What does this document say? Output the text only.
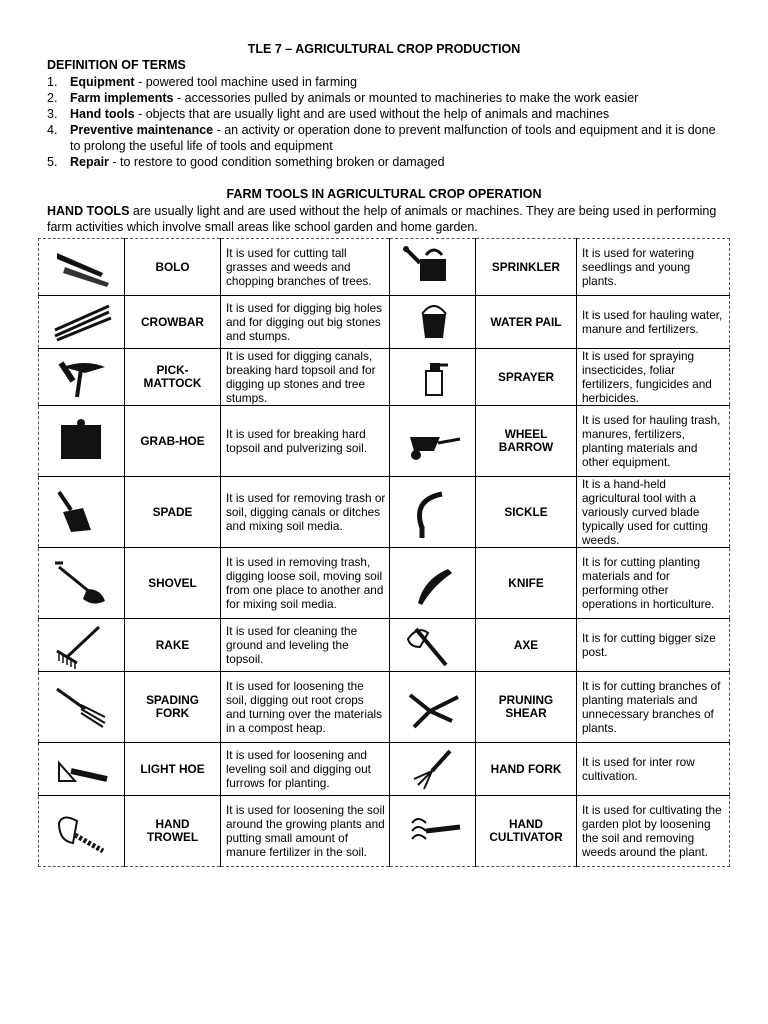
TLE 7 – AGRICULTURAL CROP PRODUCTION
DEFINITION OF TERMS
1. Equipment - powered tool machine used in farming
2. Farm implements - accessories pulled by animals or mounted to machineries to make the work easier
3. Hand tools - objects that are usually light and are used without the help of animals and machines
4. Preventive maintenance - an activity or operation done to prevent malfunction of tools and equipment and it is done to prolong the useful life of tools and equipment
5. Repair - to restore to good condition something broken or damaged
FARM TOOLS IN AGRICULTURAL CROP OPERATION
HAND TOOLS are usually light and are used without the help of animals or machines. They are being used in performing farm activities which involve small areas like school garden and home garden.
	BOLO	It is used for cutting tall grasses and weeds and chopping branches of trees.		SPRINKLER	It is used for watering seedlings and young plants.

	CROWBAR	It is used for digging big holes and for digging out big stones and stumps.		WATER PAIL	It is used for hauling water, manure and fertilizers.

	PICK-
MATTOCK	It is used for digging canals, breaking hard topsoil and for digging up stones and tree stumps.		SPRAYER	It is used for spraying insecticides, foliar fertilizers, fungicides and herbicides.

	GRAB-HOE	It is used for breaking hard topsoil and pulverizing soil.		WHEEL
BARROW	It is used for hauling trash, manures, fertilizers, planting materials and other equipment.

	SPADE	It is used for removing trash or soil, digging canals or ditches and mixing soil media.		SICKLE	It is a hand-held agricultural tool with a variously curved blade typically used for cutting weeds.

	SHOVEL	It is used in removing trash, digging loose soil, moving soil from one place to another and for mixing soil media.		KNIFE	It is for cutting planting materials and for performing other operations in horticulture.

	RAKE	It is used for cleaning the ground and leveling the topsoil.		AXE	It is for cutting bigger size post.

	SPADING
FORK	It is used for loosening the soil, digging out root crops and turning over the materials in a compost heap.		PRUNING
SHEAR	It is for cutting branches of planting materials and unnecessary branches of plants.

	LIGHT HOE	It is used for loosening and leveling soil and digging out furrows for planting.		HAND FORK	It is used for inter row cultivation.

	HAND
TROWEL	It is used for loosening the soil around the growing plants and putting small amount of manure fertilizer in the soil.		HAND
CULTIVATOR	It is used for cultivating the garden plot by loosening the soil and removing weeds around the plant.
